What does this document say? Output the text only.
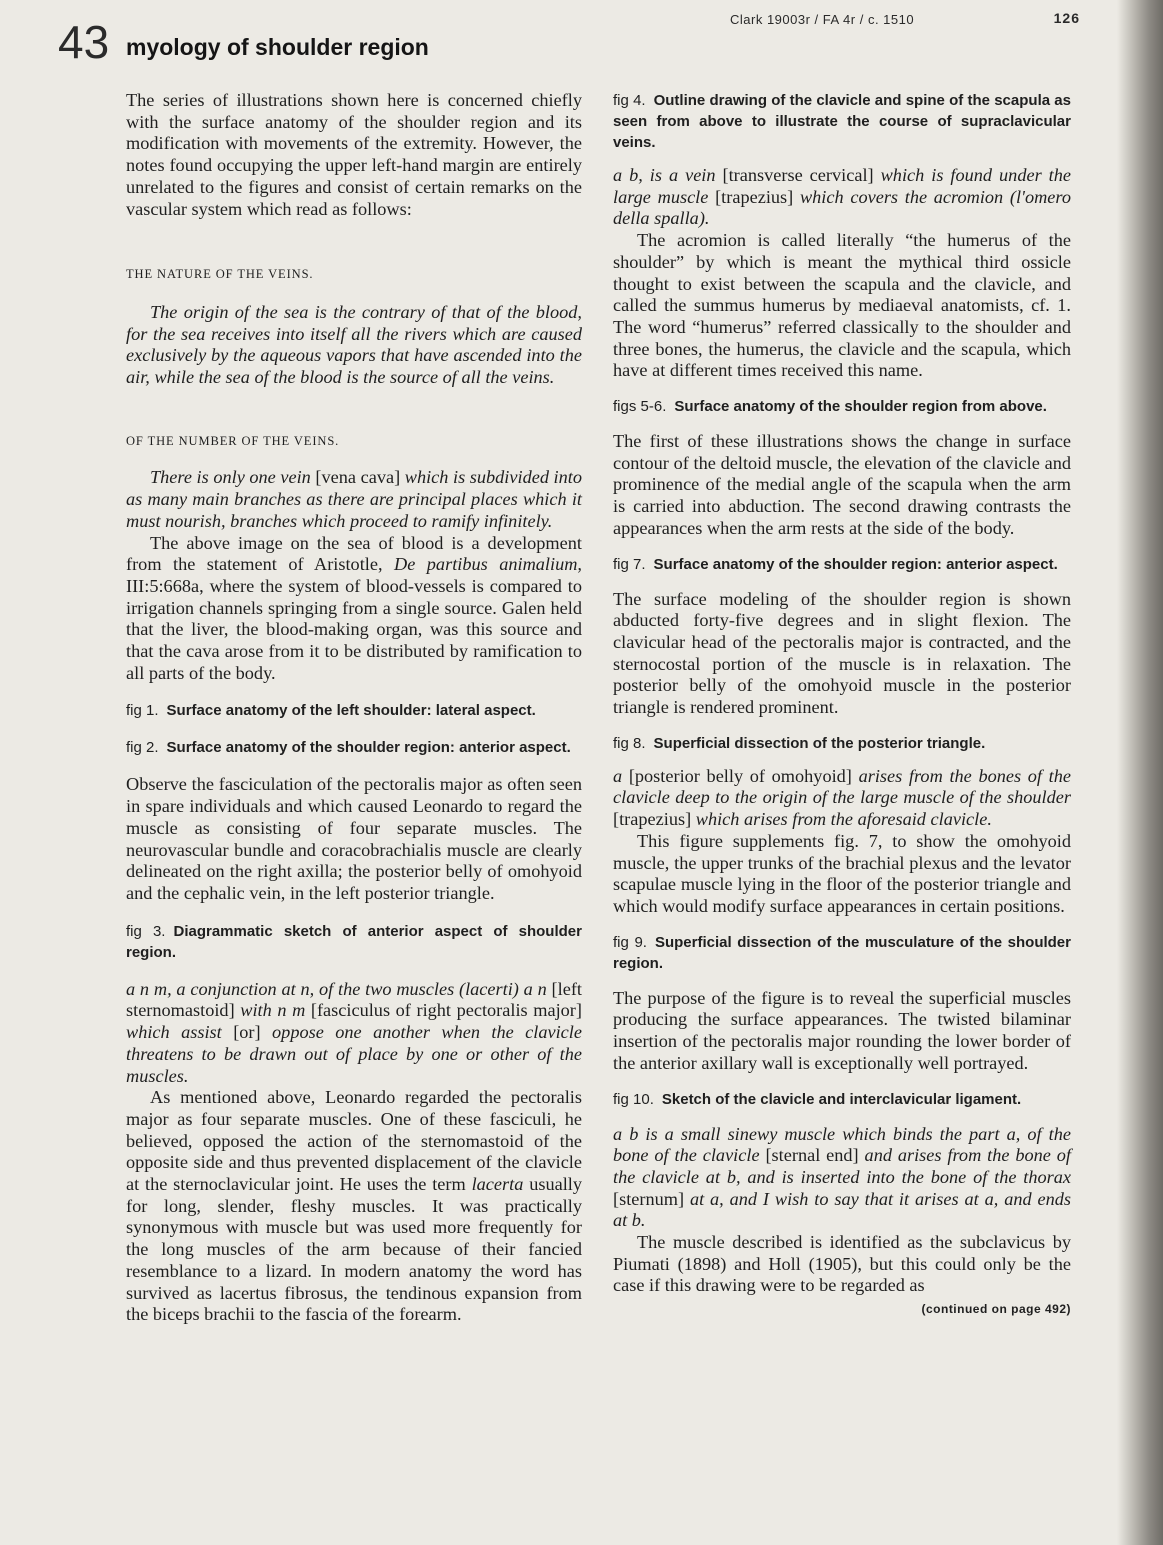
Clark 19003r / FA 4r / c. 1510	126
43 myology of shoulder region

The series of illustrations shown here is concerned chiefly with the surface anatomy of the shoulder region and its modification with movements of the extremity. However, the notes found occupying the upper left-hand margin are entirely unrelated to the figures and consist of certain remarks on the vascular system which read as follows:

THE NATURE OF THE VEINS.

The origin of the sea is the contrary of that of the blood, for the sea receives into itself all the rivers which are caused exclusively by the aqueous vapors that have ascended into the air, while the sea of the blood is the source of all the veins.

OF THE NUMBER OF THE VEINS.

There is only one vein [vena cava] which is subdivided into as many main branches as there are principal places which it must nourish, branches which proceed to ramify infinitely.

The above image on the sea of blood is a development from the statement of Aristotle, De partibus animalium, III:5:668a, where the system of blood-vessels is compared to irrigation channels springing from a single source. Galen held that the liver, the blood-making organ, was this source and that the cava arose from it to be distributed by ramification to all parts of the body.

fig 1. Surface anatomy of the left shoulder: lateral aspect.

fig 2. Surface anatomy of the shoulder region: anterior aspect.

Observe the fasciculation of the pectoralis major as often seen in spare individuals and which caused Leonardo to regard the muscle as consisting of four separate muscles. The neurovascular bundle and coracobrachialis muscle are clearly delineated on the right axilla; the posterior belly of omohyoid and the cephalic vein, in the left posterior triangle.

fig 3. Diagrammatic sketch of anterior aspect of shoulder region.

a n m, a conjunction at n, of the two muscles (lacerti) a n [left sternomastoid] with n m [fasciculus of right pectoralis major] which assist [or] oppose one another when the clavicle threatens to be drawn out of place by one or other of the muscles.

As mentioned above, Leonardo regarded the pectoralis major as four separate muscles. One of these fasciculi, he believed, opposed the action of the sternomastoid of the opposite side and thus prevented displacement of the clavicle at the sternoclavicular joint. He uses the term lacerta usually for long, slender, fleshy muscles. It was practically synonymous with muscle but was used more frequently for the long muscles of the arm because of their fancied resemblance to a lizard. In modern anatomy the word has survived as lacertus fibrosus, the tendinous expansion from the biceps brachii to the fascia of the forearm.

fig 4. Outline drawing of the clavicle and spine of the scapula as seen from above to illustrate the course of supraclavicular veins.

a b, is a vein [transverse cervical] which is found under the large muscle [trapezius] which covers the acromion (l'omero della spalla).

The acromion is called literally “the humerus of the shoulder” by which is meant the mythical third ossicle thought to exist between the scapula and the clavicle, and called the summus humerus by mediaeval anatomists, cf. 1. The word “humerus” referred classically to the shoulder and three bones, the humerus, the clavicle and the scapula, which have at different times received this name.

figs 5-6. Surface anatomy of the shoulder region from above.

The first of these illustrations shows the change in surface contour of the deltoid muscle, the elevation of the clavicle and prominence of the medial angle of the scapula when the arm is carried into abduction. The second drawing contrasts the appearances when the arm rests at the side of the body.

fig 7. Surface anatomy of the shoulder region: anterior aspect.

The surface modeling of the shoulder region is shown abducted forty-five degrees and in slight flexion. The clavicular head of the pectoralis major is contracted, and the sternocostal portion of the muscle is in relaxation. The posterior belly of the omohyoid muscle in the posterior triangle is rendered prominent.

fig 8. Superficial dissection of the posterior triangle.

a [posterior belly of omohyoid] arises from the bones of the clavicle deep to the origin of the large muscle of the shoulder [trapezius] which arises from the aforesaid clavicle.

This figure supplements fig. 7, to show the omohyoid muscle, the upper trunks of the brachial plexus and the levator scapulae muscle lying in the floor of the posterior triangle and which would modify surface appearances in certain positions.

fig 9. Superficial dissection of the musculature of the shoulder region.

The purpose of the figure is to reveal the superficial muscles producing the surface appearances. The twisted bilaminar insertion of the pectoralis major rounding the lower border of the anterior axillary wall is exceptionally well portrayed.

fig 10. Sketch of the clavicle and interclavicular ligament.

a b is a small sinewy muscle which binds the part a, of the bone of the clavicle [sternal end] and arises from the bone of the clavicle at b, and is inserted into the bone of the thorax [sternum] at a, and I wish to say that it arises at a, and ends at b.

The muscle described is identified as the subclavicus by Piumati (1898) and Holl (1905), but this could only be the case if this drawing were to be regarded as

(continued on page 492)
